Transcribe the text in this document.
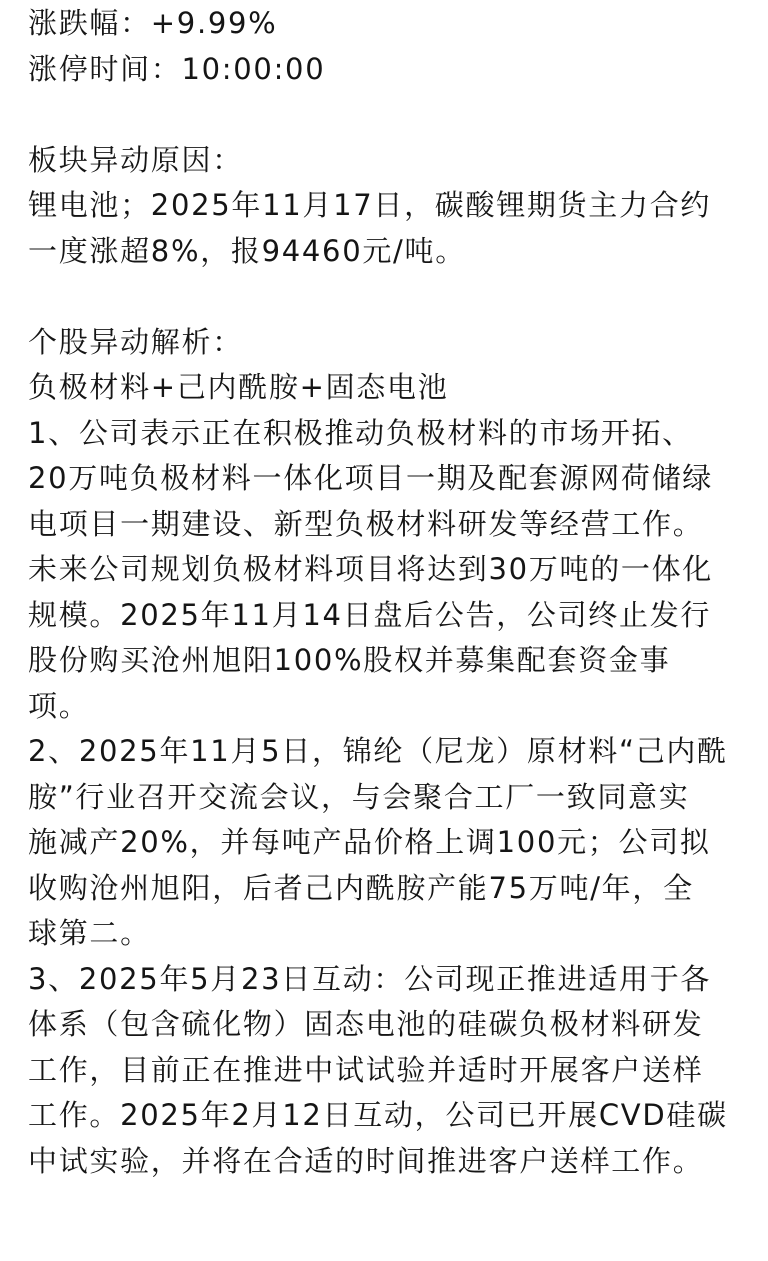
涨跌幅：+9.99%
涨停时间：10:00:00
板块异动原因：
锂电池；2025年11月17日，碳酸锂期货主力合约
一度涨超8%，报94460元/吨。
个股异动解析：
负极材料+己内酰胺+固态电池
1、公司表示正在积极推动负极材料的市场开拓、
20万吨负极材料一体化项目一期及配套源网荷储绿
电项目一期建设、新型负极材料研发等经营工作。
未来公司规划负极材料项目将达到30万吨的一体化
规模。2025年11月14日盘后公告，公司终止发行
股份购买沧州旭阳100%股权并募集配套资金事
项。
2、2025年11月5日，锦纶（尼龙）原材料“己内酰
胺”行业召开交流会议，与会聚合工厂一致同意实
施减产20%，并每吨产品价格上调100元；公司拟
收购沧州旭阳，后者己内酰胺产能75万吨/年，全
球第二。
3、2025年5月23日互动：公司现正推进适用于各
体系（包含硫化物）固态电池的硅碳负极材料研发
工作，目前正在推进中试试验并适时开展客户送样
工作。2025年2月12日互动，公司已开展CVD硅碳
中试实验，并将在合适的时间推进客户送样工作。
